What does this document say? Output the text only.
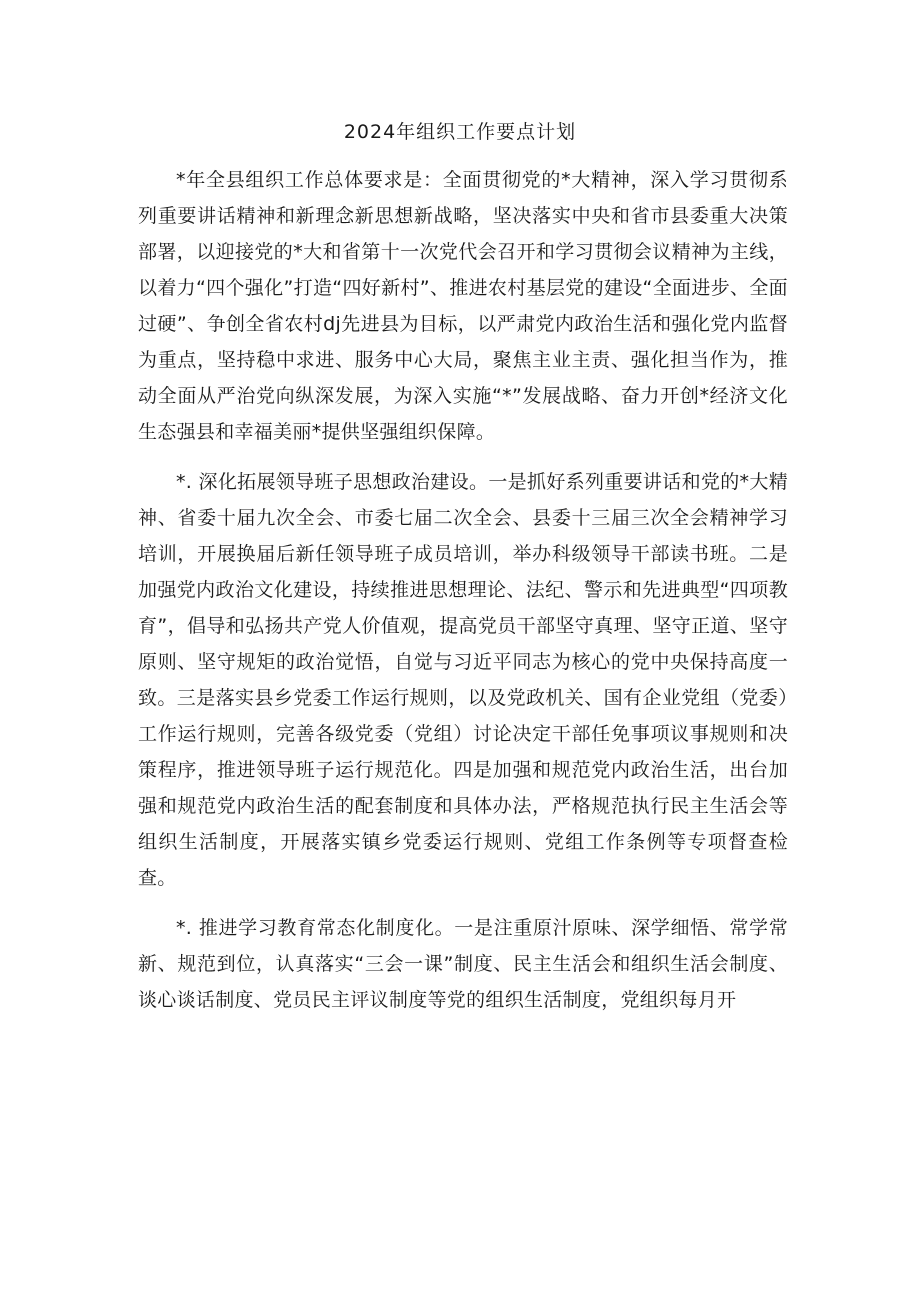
2024年组织工作要点计划

*年全县组织工作总体要求是：全面贯彻党的*大精神，深入学习贯彻系列重要讲话精神和新理念新思想新战略，坚决落实中央和省市县委重大决策部署，以迎接党的*大和省第十一次党代会召开和学习贯彻会议精神为主线，以着力“四个强化”打造“四好新村”、推进农村基层党的建设“全面进步、全面过硬”、争创全省农村dj先进县为目标，以严肃党内政治生活和强化党内监督为重点，坚持稳中求进、服务中心大局，聚焦主业主责、强化担当作为，推动全面从严治党向纵深发展，为深入实施“*”发展战略、奋力开创*经济文化生态强县和幸福美丽*提供坚强组织保障。

*. 深化拓展领导班子思想政治建设。一是抓好系列重要讲话和党的*大精神、省委十届九次全会、市委七届二次全会、县委十三届三次全会精神学习培训，开展换届后新任领导班子成员培训，举办科级领导干部读书班。二是加强党内政治文化建设，持续推进思想理论、法纪、警示和先进典型“四项教育”，倡导和弘扬共产党人价值观，提高党员干部坚守真理、坚守正道、坚守原则、坚守规矩的政治觉悟，自觉与习近平同志为核心的党中央保持高度一致。三是落实县乡党委工作运行规则，以及党政机关、国有企业党组（党委）工作运行规则，完善各级党委（党组）讨论决定干部任免事项议事规则和决策程序，推进领导班子运行规范化。四是加强和规范党内政治生活，出台加强和规范党内政治生活的配套制度和具体办法，严格规范执行民主生活会等组织生活制度，开展落实镇乡党委运行规则、党组工作条例等专项督查检查。

*. 推进学习教育常态化制度化。一是注重原汁原味、深学细悟、常学常新、规范到位，认真落实“三会一课”制度、民主生活会和组织生活会制度、谈心谈话制度、党员民主评议制度等党的组织生活制度，党组织每月开
